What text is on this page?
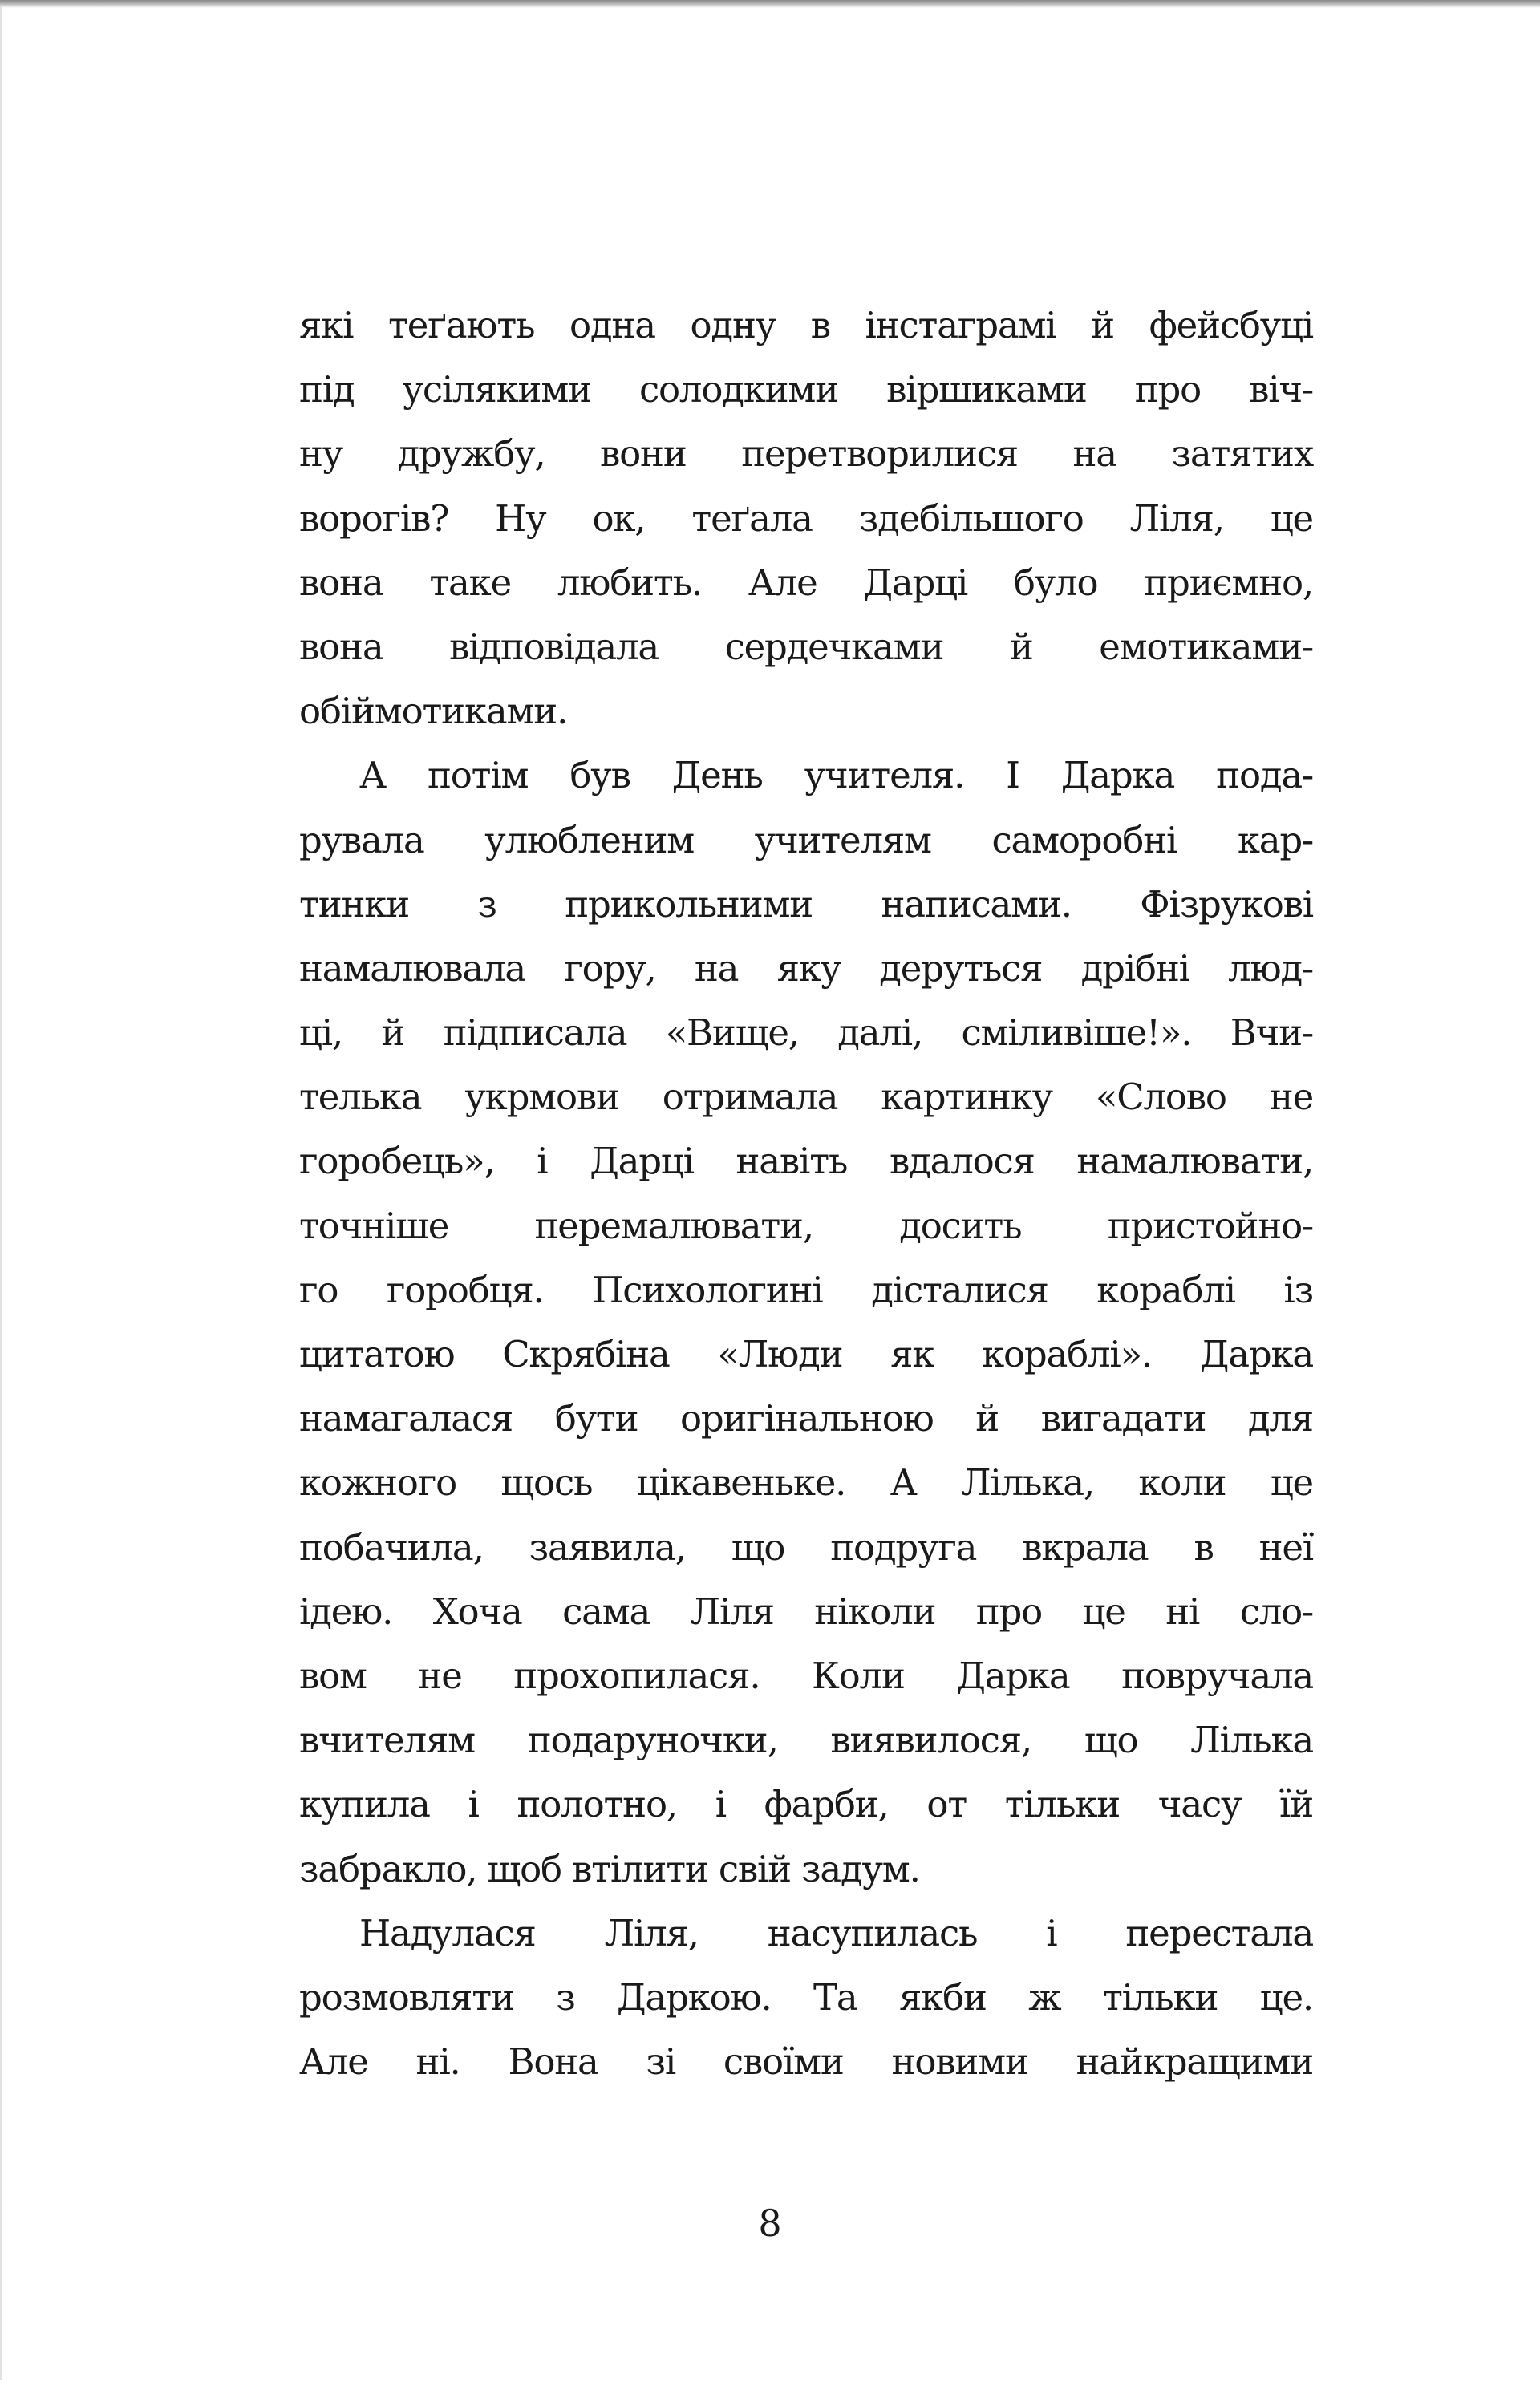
які теґають одна одну в інстаграмі й фейсбуці
під усілякими солодкими віршиками про віч-
ну дружбу, вони перетворилися на затятих
ворогів? Ну ок, теґала здебільшого Ліля, це
вона таке любить. Але Дарці було приємно,
вона відповідала сердечками й емотиками-
обіймотиками.

А потім був День учителя. І Дарка пода-
рувала улюбленим учителям саморобні кар-
тинки з прикольними написами. Фізрукові
намалювала гору, на яку деруться дрібні люд-
ці, й підписала «Вище, далі, сміливіше!». Вчи-
телька укрмови отримала картинку «Слово не
горобець», і Дарці навіть вдалося намалювати,
точніше перемалювати, досить пристойно-
го горобця. Психологині дісталися кораблі із
цитатою Скрябіна «Люди як кораблі». Дарка
намагалася бути оригінальною й вигадати для
кожного щось цікавеньке. А Лілька, коли це
побачила, заявила, що подруга вкрала в неї
ідею. Хоча сама Ліля ніколи про це ні сло-
вом не прохопилася. Коли Дарка повручала
вчителям подаруночки, виявилося, що Лілька
купила і полотно, і фарби, от тільки часу їй
забракло, щоб втілити свій задум.

Надулася Ліля, насупилась і перестала
розмовляти з Даркою. Та якби ж тільки це.
Але ні. Вона зі своїми новими найкращими

8
